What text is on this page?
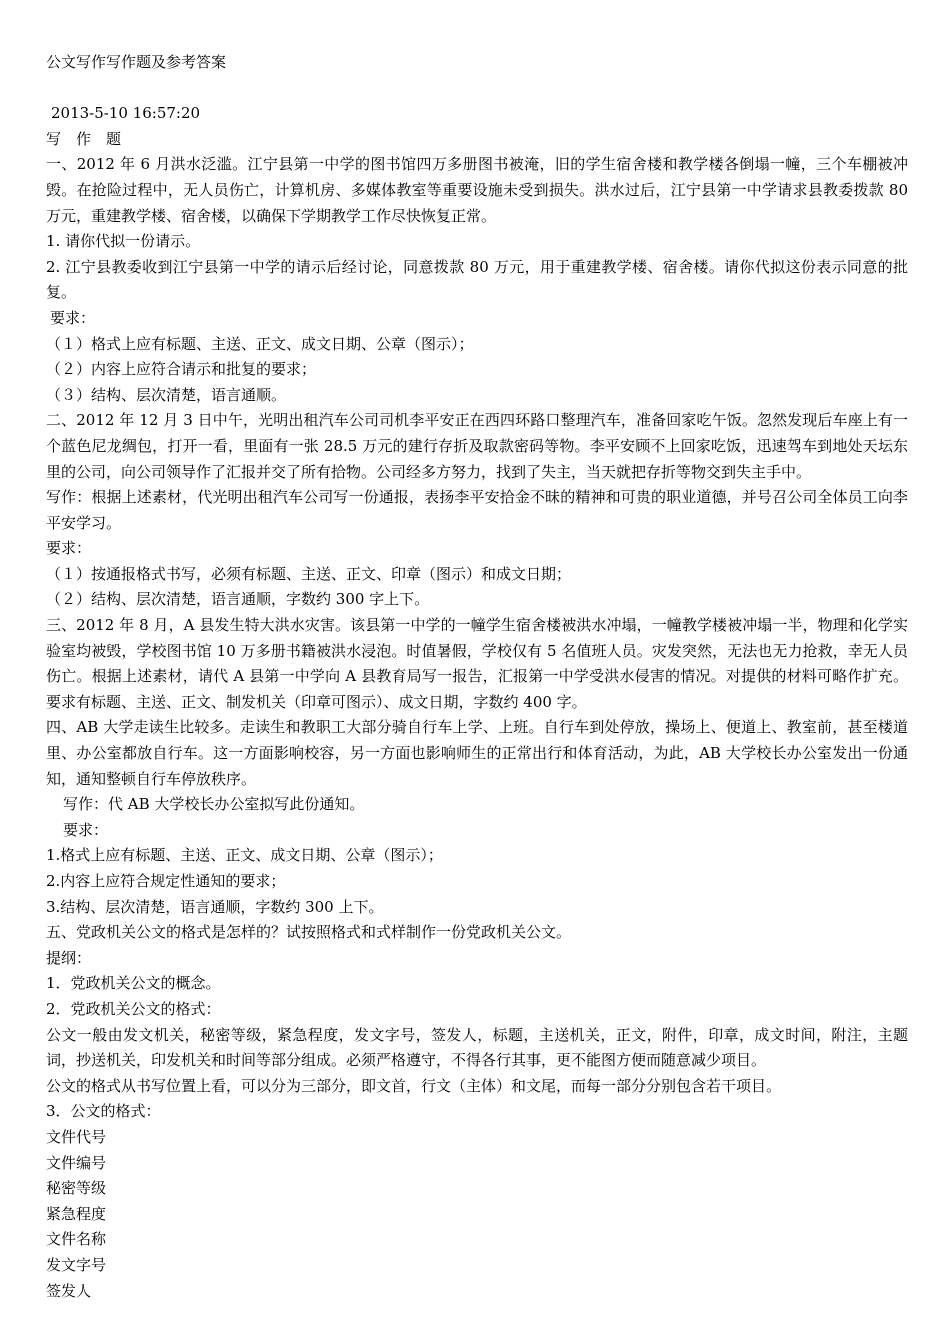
公文写作写作题及参考答案

2013-5-10 16:57:20

写　作　题

一、2012 年 6 月洪水泛滥。江宁县第一中学的图书馆四万多册图书被淹，旧的学生宿舍楼和教学楼各倒塌一幢，三个车棚被冲毁。在抢险过程中，无人员伤亡，计算机房、多媒体教室等重要设施未受到损失。洪水过后，江宁县第一中学请求县教委拨款 80 万元，重建教学楼、宿舍楼，以确保下学期教学工作尽快恢复正常。

1. 请你代拟一份请示。

2. 江宁县教委收到江宁县第一中学的请示后经讨论，同意拨款 80 万元，用于重建教学楼、宿舍楼。请你代拟这份表示同意的批复。

要求：

（１）格式上应有标题、主送、正文、成文日期、公章（图示）；

（２）内容上应符合请示和批复的要求；

（３）结构、层次清楚，语言通顺。

二、2012 年 12 月 3 日中午，光明出租汽车公司司机李平安正在西四环路口整理汽车，准备回家吃午饭。忽然发现后车座上有一个蓝色尼龙绸包，打开一看，里面有一张 28.5 万元的建行存折及取款密码等物。李平安顾不上回家吃饭，迅速驾车到地处天坛东里的公司，向公司领导作了汇报并交了所有拾物。公司经多方努力，找到了失主，当天就把存折等物交到失主手中。

写作：根据上述素材，代光明出租汽车公司写一份通报，表扬李平安拾金不昧的精神和可贵的职业道德，并号召公司全体员工向李平安学习。

要求：

（１）按通报格式书写，必须有标题、主送、正文、印章（图示）和成文日期；

（２）结构、层次清楚，语言通顺，字数约 300 字上下。

三、2012 年 8 月，A 县发生特大洪水灾害。该县第一中学的一幢学生宿舍楼被洪水冲塌，一幢教学楼被冲塌一半，物理和化学实验室均被毁，学校图书馆 10 万多册书籍被洪水浸泡。时值暑假，学校仅有 5 名值班人员。灾发突然，无法也无力抢救，幸无人员伤亡。根据上述素材，请代 A 县第一中学向 A 县教育局写一报告，汇报第一中学受洪水侵害的情况。对提供的材料可略作扩充。要求有标题、主送、正文、制发机关（印章可图示）、成文日期，字数约 400 字。

四、AB 大学走读生比较多。走读生和教职工大部分骑自行车上学、上班。自行车到处停放，操场上、便道上、教室前，甚至楼道里、办公室都放自行车。这一方面影响校容，另一方面也影响师生的正常出行和体育活动，为此，AB 大学校长办公室发出一份通知，通知整顿自行车停放秩序。

写作：代 AB 大学校长办公室拟写此份通知。

要求：

1.格式上应有标题、主送、正文、成文日期、公章（图示）；

2.内容上应符合规定性通知的要求；

3.结构、层次清楚，语言通顺，字数约 300 上下。

五、党政机关公文的格式是怎样的？试按照格式和式样制作一份党政机关公文。

提纲：

1．党政机关公文的概念。

2．党政机关公文的格式：

公文一般由发文机关，秘密等级，紧急程度，发文字号，签发人，标题，主送机关，正文，附件，印章，成文时间，附注，主题词，抄送机关，印发机关和时间等部分组成。必须严格遵守，不得各行其事，更不能图方便而随意减少项目。

公文的格式从书写位置上看，可以分为三部分，即文首，行文（主体）和文尾，而每一部分分别包含若干项目。

3．公文的格式：

文件代号

文件编号

秘密等级

紧急程度

文件名称

发文字号

签发人
